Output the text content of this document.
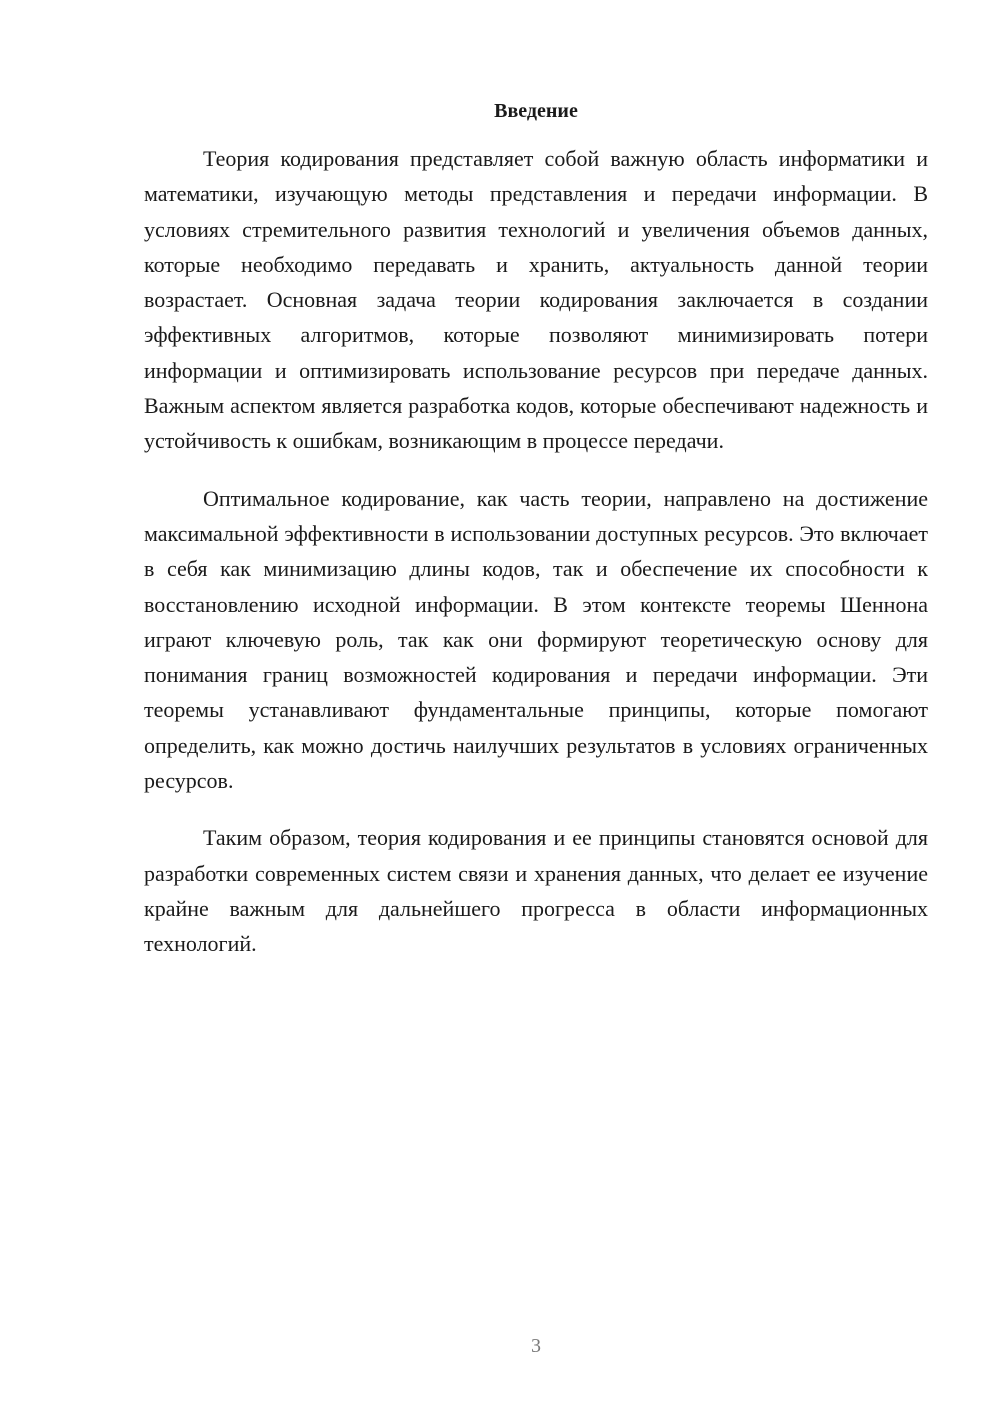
Введение

Теория кодирования представляет собой важную область информатики и математики, изучающую методы представления и передачи информации. В условиях стремительного развития технологий и увеличения объемов данных, которые необходимо передавать и хранить, актуальность данной теории возрастает. Основная задача теории кодирования заключается в создании эффективных алгоритмов, которые позволяют минимизировать потери информации и оптимизировать использование ресурсов при передаче данных. Важным аспектом является разработка кодов, которые обеспечивают надежность и устойчивость к ошибкам, возникающим в процессе передачи.

Оптимальное кодирование, как часть теории, направлено на достижение максимальной эффективности в использовании доступных ресурсов. Это включает в себя как минимизацию длины кодов, так и обеспечение их способности к восстановлению исходной информации. В этом контексте теоремы Шеннона играют ключевую роль, так как они формируют теоретическую основу для понимания границ возможностей кодирования и передачи информации. Эти теоремы устанавливают фундаментальные принципы, которые помогают определить, как можно достичь наилучших результатов в условиях ограниченных ресурсов.

Таким образом, теория кодирования и ее принципы становятся основой для разработки современных систем связи и хранения данных, что делает ее изучение крайне важным для дальнейшего прогресса в области информационных технологий.

3
